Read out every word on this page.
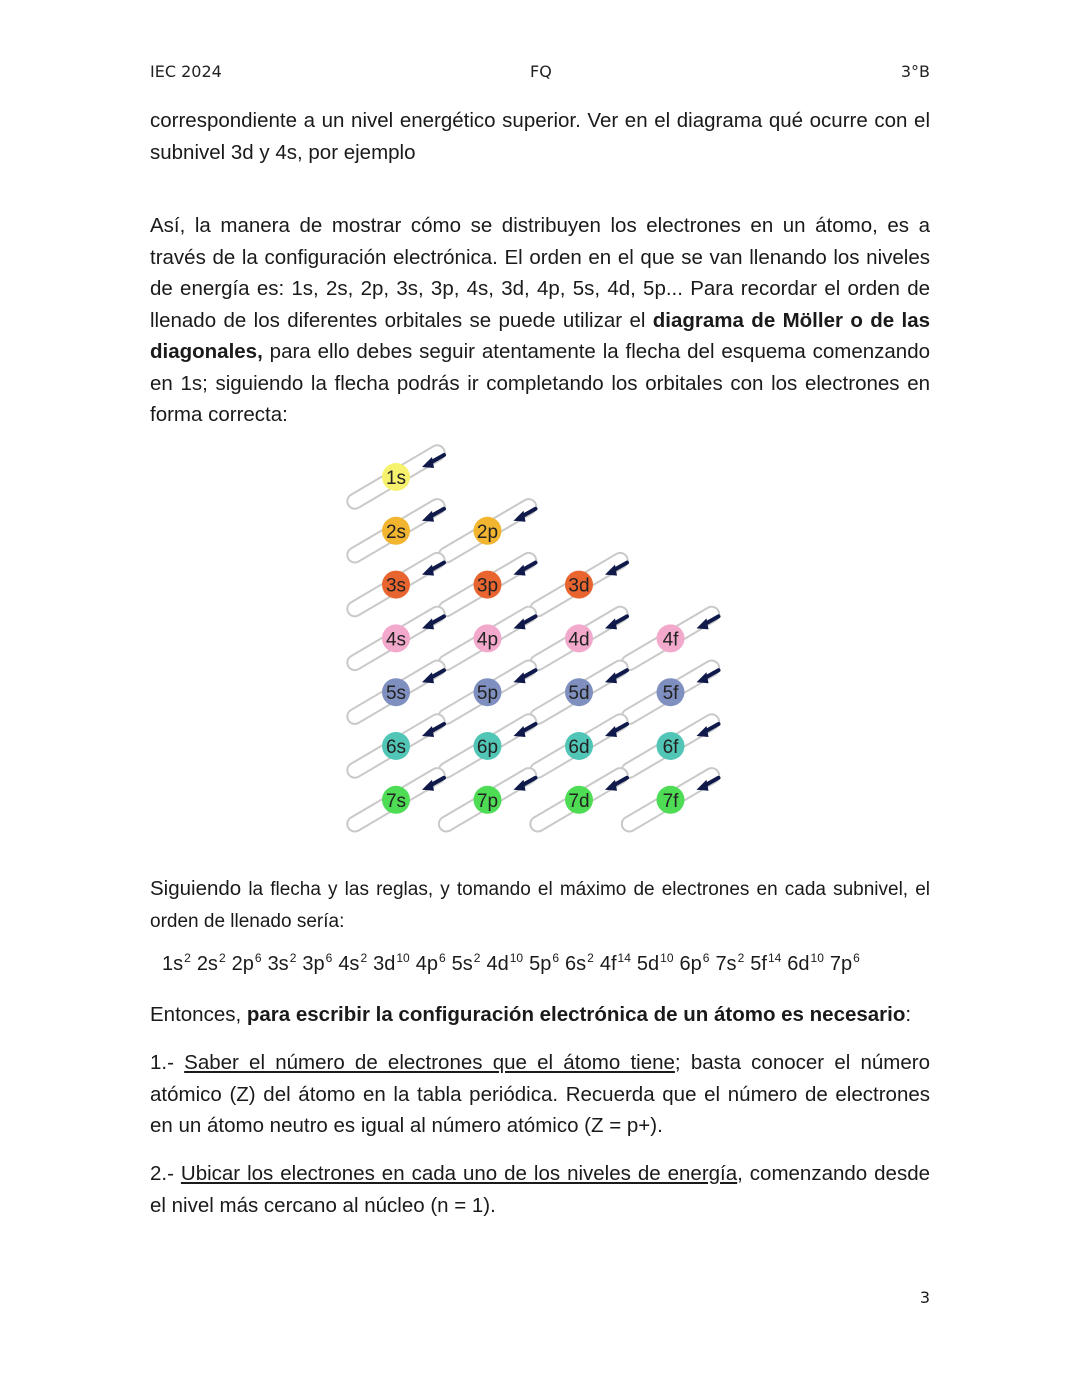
IEC 2024	FQ	3°B

correspondiente a un nivel energético superior. Ver en el diagrama qué ocurre con el subnivel 3d y 4s, por ejemplo

Así, la manera de mostrar cómo se distribuyen los electrones en un átomo, es a través de la configuración electrónica. El orden en el que se van llenando los niveles de energía es: 1s, 2s, 2p, 3s, 3p, 4s, 3d, 4p, 5s, 4d, 5p... Para recordar el orden de llenado de los diferentes orbitales se puede utilizar el diagrama de Möller o de las diagonales, para ello debes seguir atentamente la flecha del esquema comenzando en 1s; siguiendo la flecha podrás ir completando los orbitales con los electrones en forma correcta:

1s
2s	2p
3s	3p	3d
4s	4p	4d	4f
5s	5p	5d	5f
6s	6p	6d	6f
7s	7p	7d	7f

Siguiendo la flecha y las reglas, y tomando el máximo de electrones en cada subnivel, el orden de llenado sería:

$1s^2$ $2s^2$ $2p^6$ $3s^2$ $3p^6$ $4s^2$ $3d^{10}$ $4p^6$ $5s^2$ $4d^{10}$ $5p^6$ $6s^2$ $4f^{14}$ $5d^{10}$ $6p^6$ $7s^2$ $5f^{14}$ $6d^{10}$ $7p^6$

Entonces, para escribir la configuración electrónica de un átomo es necesario:

1.- Saber el número de electrones que el átomo tiene; basta conocer el número atómico (Z) del átomo en la tabla periódica. Recuerda que el número de electrones en un átomo neutro es igual al número atómico (Z = p+).

2.- Ubicar los electrones en cada uno de los niveles de energía, comenzando desde el nivel más cercano al núcleo (n = 1).

3
